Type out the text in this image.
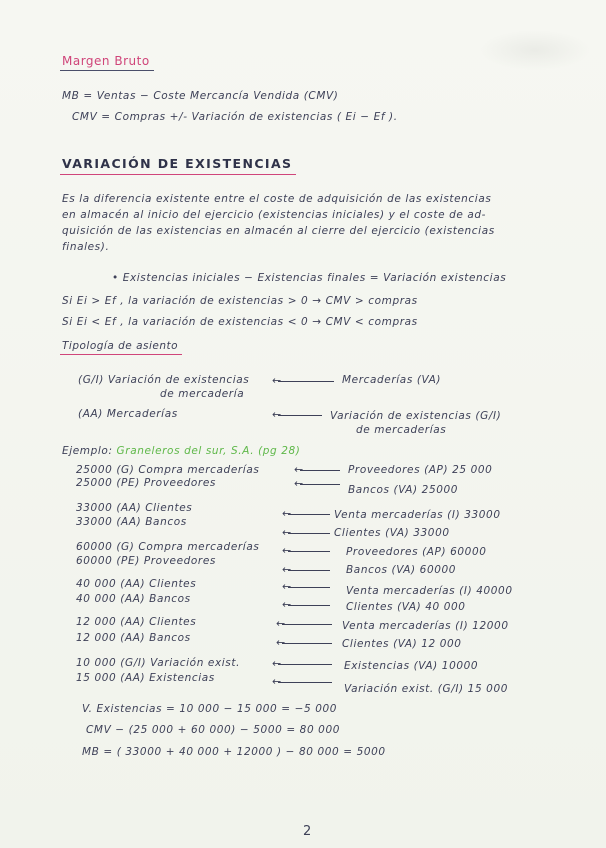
Margen Bruto
MB = Ventas − Coste Mercancía Vendida (CMV)
CMV = Compras +/- Variación de existencias ( Ei − Ef ).
VARIACIÓN DE EXISTENCIAS
Es la diferencia existente entre el coste de adquisición de las existencias
en almacén al inicio del ejercicio (existencias iniciales) y el coste de ad-
quisición de las existencias en almacén al cierre del ejercicio (existencias
finales).
• Existencias iniciales − Existencias finales = Variación existencias
Si Ei > Ef , la variación de existencias > 0 → CMV > compras
Si Ei < Ef , la variación de existencias < 0 → CMV < compras
Tipología de asiento
(G/I) Variación de existencias
de mercadería
←
Mercaderías (VA)
(AA) Mercaderías
←	Variación de existencias (G/I)
de mercaderías
Ejemplo: Graneleros del sur, S.A. (pg 28)
25000 (G) Compra mercaderías
25000 (PE) Proveedores
←
←
Proveedores (AP) 25 000
Bancos (VA) 25000
33000 (AA) Clientes
33000 (AA) Bancos
←
←
Venta mercaderías (I) 33000
Clientes (VA) 33000
60000 (G) Compra mercaderías
60000 (PE) Proveedores
←
←
Proveedores (AP) 60000
Bancos (VA) 60000
40 000 (AA) Clientes
40 000 (AA) Bancos
←
←
Venta mercaderías (I) 40000
Clientes (VA) 40 000
12 000 (AA) Clientes
12 000 (AA) Bancos
←
←
Venta mercaderías (I) 12000
Clientes (VA) 12 000
10 000 (G/I) Variación exist.
15 000 (AA) Existencias
←
←
Existencias (VA) 10000
Variación exist. (G/I) 15 000
V. Existencias = 10 000 − 15 000 = −5 000
CMV − (25 000 + 60 000) − 5000 = 80 000
MB = ( 33000 + 40 000 + 12000 ) − 80 000 = 5000
2
